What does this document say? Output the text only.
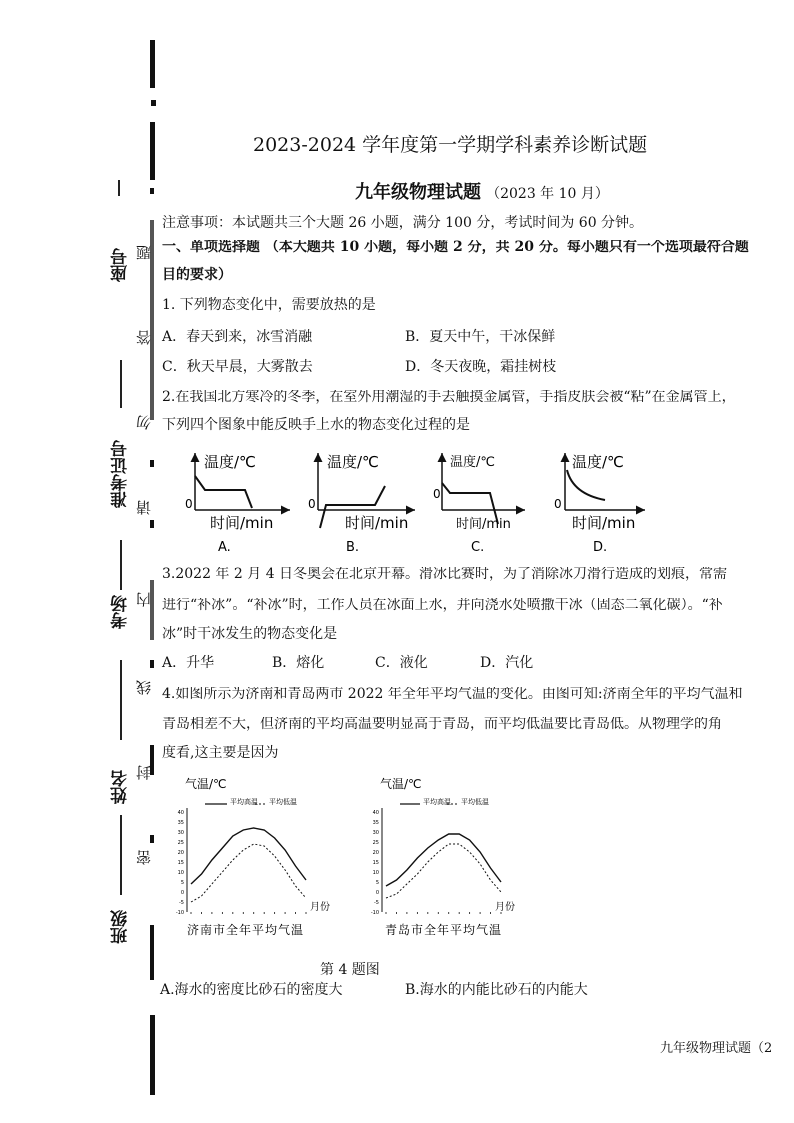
座号
准考证号
考场
姓名
班级
题
答
勿
请
内
线
封
密
2023-2024 学年度第一学期学科素养诊断试题
九年级物理试题 （2023 年 10 月）
注意事项：本试题共三个大题 26 小题，满分 100 分，考试时间为 60 分钟。
一、单项选择题 （本大题共 10 小题，每小题 2 分，共 20 分。每小题只有一个选项最符合题
目的要求）
1. 下列物态变化中，需要放热的是
A．春天到来，冰雪消融	B．夏天中午，干冰保鲜
C．秋天早晨，大雾散去	D．冬天夜晚，霜挂树枝
2.在我国北方寒冷的冬季，在室外用潮湿的手去触摸金属管，手指皮肤会被“粘”在金属管上，
下列四个图象中能反映手上水的物态变化过程的是
温度/℃
0
时间/min
A.
温度/℃
0
时间/min
B.
温度/℃
0
时间/min
C.
温度/℃
0
时间/min
D.
3.2022 年 2 月 4 日冬奥会在北京开幕。滑冰比赛时，为了消除冰刀滑行造成的划痕，常需
进行“补冰”。“补冰”时，工作人员在冰面上水，并向浇水处喷撒干冰（固态二氧化碳）。“补
冰”时干冰发生的物态变化是
A．升华	B．熔化	C．液化	D．汽化
4.如图所示为济南和青岛两市 2022 年全年平均气温的变化。由图可知:济南全年的平均气温和
青岛相差不大，但济南的平均高温要明显高于青岛，而平均低温要比青岛低。从物理学的角
度看,这主要是因为
气温/℃
平均高温 平均低温
月份
济南市全年平均气温
40
35
30
25
20
15
10
5
0
-5
-10
气温/℃
平均高温 平均低温
月份
青岛市全年平均气温
40
35
30
25
20
15
10
5
0
-5
-10
第 4 题图
A.海水的密度比砂石的密度大	B.海水的内能比砂石的内能大
九年级物理试题（2
